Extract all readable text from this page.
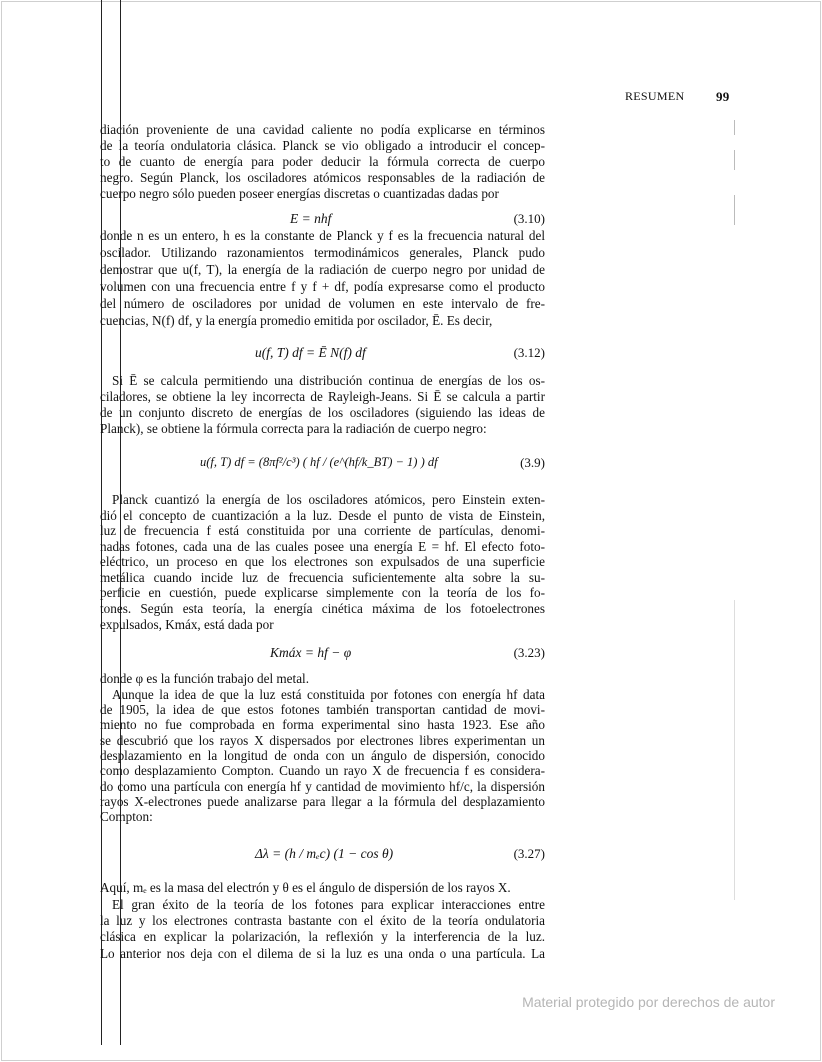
RESUMEN 99
diación proveniente de una cavidad caliente no podía explicarse en términos
de la teoría ondulatoria clásica. Planck se vio obligado a introducir el concep-
to de cuanto de energía para poder deducir la fórmula correcta de cuerpo
negro. Según Planck, los osciladores atómicos responsables de la radiación de
cuerpo negro sólo pueden poseer energías discretas o cuantizadas dadas por
donde n es un entero, h es la constante de Planck y f es la frecuencia natural del
oscilador. Utilizando razonamientos termodinámicos generales, Planck pudo
demostrar que u(f, T), la energía de la radiación de cuerpo negro por unidad de
volumen con una frecuencia entre f y f + df, podía expresarse como el producto
del número de osciladores por unidad de volumen en este intervalo de fre-
cuencias, N(f) df, y la energía promedio emitida por oscilador, Ē. Es decir,
Si Ē se calcula permitiendo una distribución continua de energías de los os-
ciladores, se obtiene la ley incorrecta de Rayleigh-Jeans. Si Ē se calcula a partir
de un conjunto discreto de energías de los osciladores (siguiendo las ideas de
Planck), se obtiene la fórmula correcta para la radiación de cuerpo negro:
Planck cuantizó la energía de los osciladores atómicos, pero Einstein exten-
dió el concepto de cuantización a la luz. Desde el punto de vista de Einstein,
luz de frecuencia f está constituida por una corriente de partículas, denomi-
nadas fotones, cada una de las cuales posee una energía E = hf. El efecto foto-
eléctrico, un proceso en que los electrones son expulsados de una superficie
metálica cuando incide luz de frecuencia suficientemente alta sobre la su-
perficie en cuestión, puede explicarse simplemente con la teoría de los fo-
tones. Según esta teoría, la energía cinética máxima de los fotoelectrones
expulsados, Kmáx, está dada por
donde φ es la función trabajo del metal.
Aunque la idea de que la luz está constituida por fotones con energía hf data
de 1905, la idea de que estos fotones también transportan cantidad de movi-
miento no fue comprobada en forma experimental sino hasta 1923. Ese año
se descubrió que los rayos X dispersados por electrones libres experimentan un
desplazamiento en la longitud de onda con un ángulo de dispersión, conocido
como desplazamiento Compton. Cuando un rayo X de frecuencia f es considera-
do como una partícula con energía hf y cantidad de movimiento hf/c, la dispersión
rayos X-electrones puede analizarse para llegar a la fórmula del desplazamiento
Compton:
Aquí, mₑ es la masa del electrón y θ es el ángulo de dispersión de los rayos X.
El gran éxito de la teoría de los fotones para explicar interacciones entre
la luz y los electrones contrasta bastante con el éxito de la teoría ondulatoria
clásica en explicar la polarización, la reflexión y la interferencia de la luz.
Lo anterior nos deja con el dilema de si la luz es una onda o una partícula. La
E = nhf	(3.10)
u(f, T) df = Ē N(f) df	(3.12)
u(f, T) df = (8πf²/c³) ( hf / (e^(hf/k_BT) − 1) ) df	(3.9)
Kmáx = hf − φ	(3.23)
Δλ = (h / mₑc) (1 − cos θ)	(3.27)
Material protegido por derechos de autor
